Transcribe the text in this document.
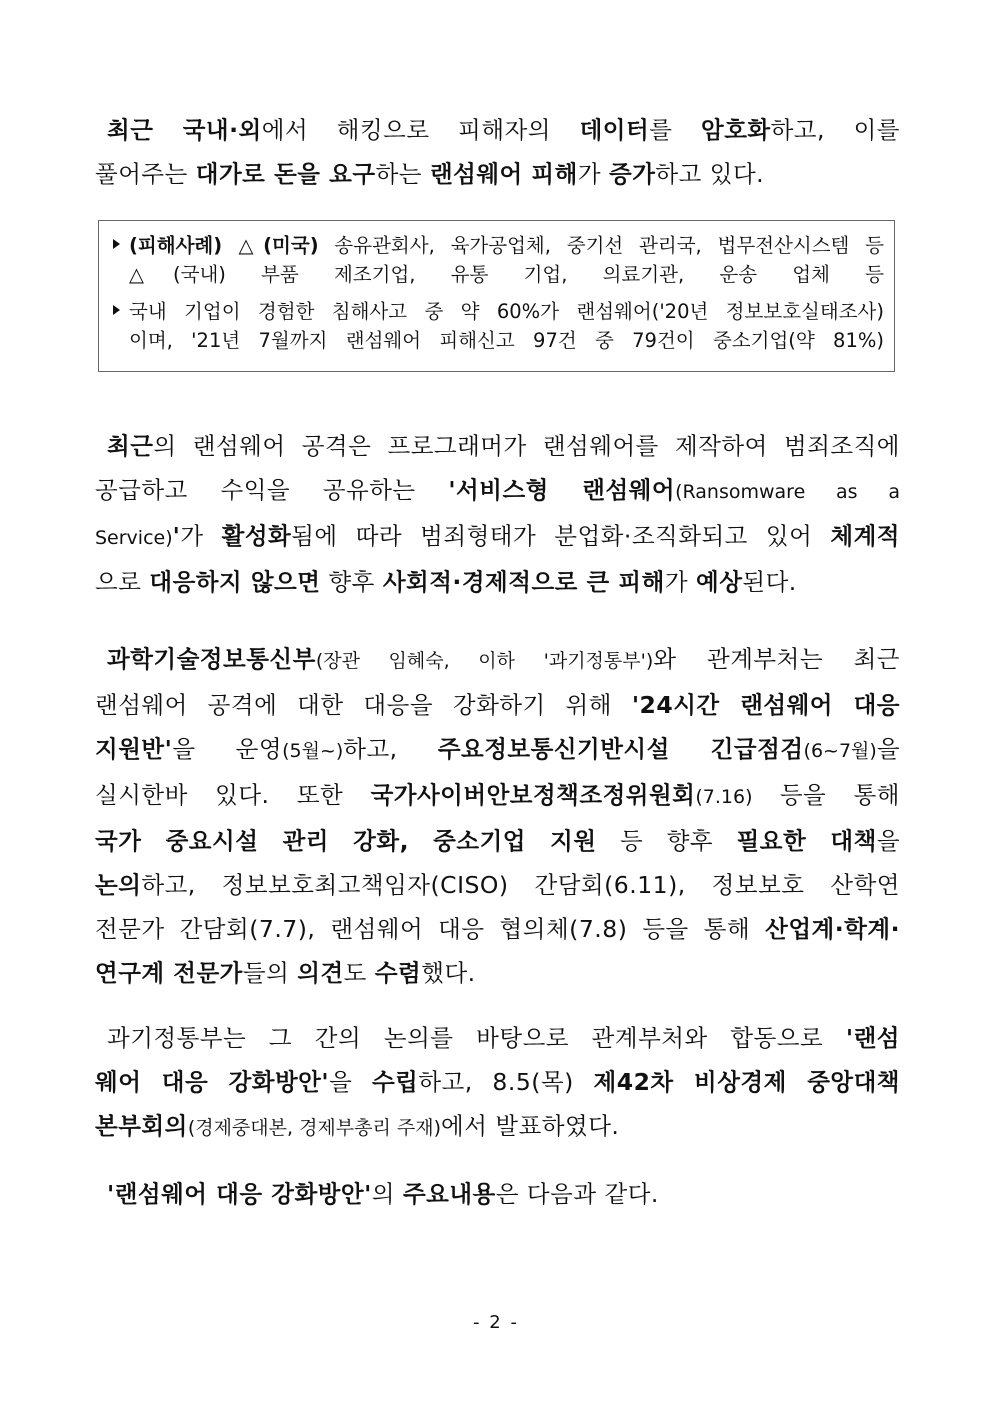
최근 국내·외에서 해킹으로 피해자의 데이터를 암호화하고, 이를
풀어주는 대가로 돈을 요구하는 랜섬웨어 피해가 증가하고 있다.
(피해사례) △(미국) 송유관회사, 육가공업체, 중기선 관리국, 법무전산시스템 등
△(국내) 부품 제조기업, 유통 기업, 의료기관, 운송 업체 등
국내 기업이 경험한 침해사고 중 약 60%가 랜섬웨어('20년 정보보호실태조사)
이며, '21년 7월까지 랜섬웨어 피해신고 97건 중 79건이 중소기업(약 81%)
최근의 랜섬웨어 공격은 프로그래머가 랜섬웨어를 제작하여 범죄조직에
공급하고 수익을 공유하는 '서비스형 랜섬웨어(Ransomware as a
Service)'가 활성화됨에 따라 범죄형태가 분업화·조직화되고 있어 체계적
으로 대응하지 않으면 향후 사회적·경제적으로 큰 피해가 예상된다.
과학기술정보통신부(장관 임혜숙, 이하 '과기정통부')와 관계부처는 최근
랜섬웨어 공격에 대한 대응을 강화하기 위해 '24시간 랜섬웨어 대응
지원반'을 운영(5월~)하고, 주요정보통신기반시설 긴급점검(6~7월)을
실시한바 있다. 또한 국가사이버안보정책조정위원회(7.16) 등을 통해
국가 중요시설 관리 강화, 중소기업 지원 등 향후 필요한 대책을
논의하고, 정보보호최고책임자(CISO) 간담회(6.11), 정보보호 산학연
전문가 간담회(7.7), 랜섬웨어 대응 협의체(7.8) 등을 통해 산업계·학계·
연구계 전문가들의 의견도 수렴했다.
과기정통부는 그 간의 논의를 바탕으로 관계부처와 합동으로 '랜섬
웨어 대응 강화방안'을 수립하고, 8.5(목) 제42차 비상경제 중앙대책
본부회의(경제중대본, 경제부총리 주재)에서 발표하였다.
'랜섬웨어 대응 강화방안'의 주요내용은 다음과 같다.
- 2 -
